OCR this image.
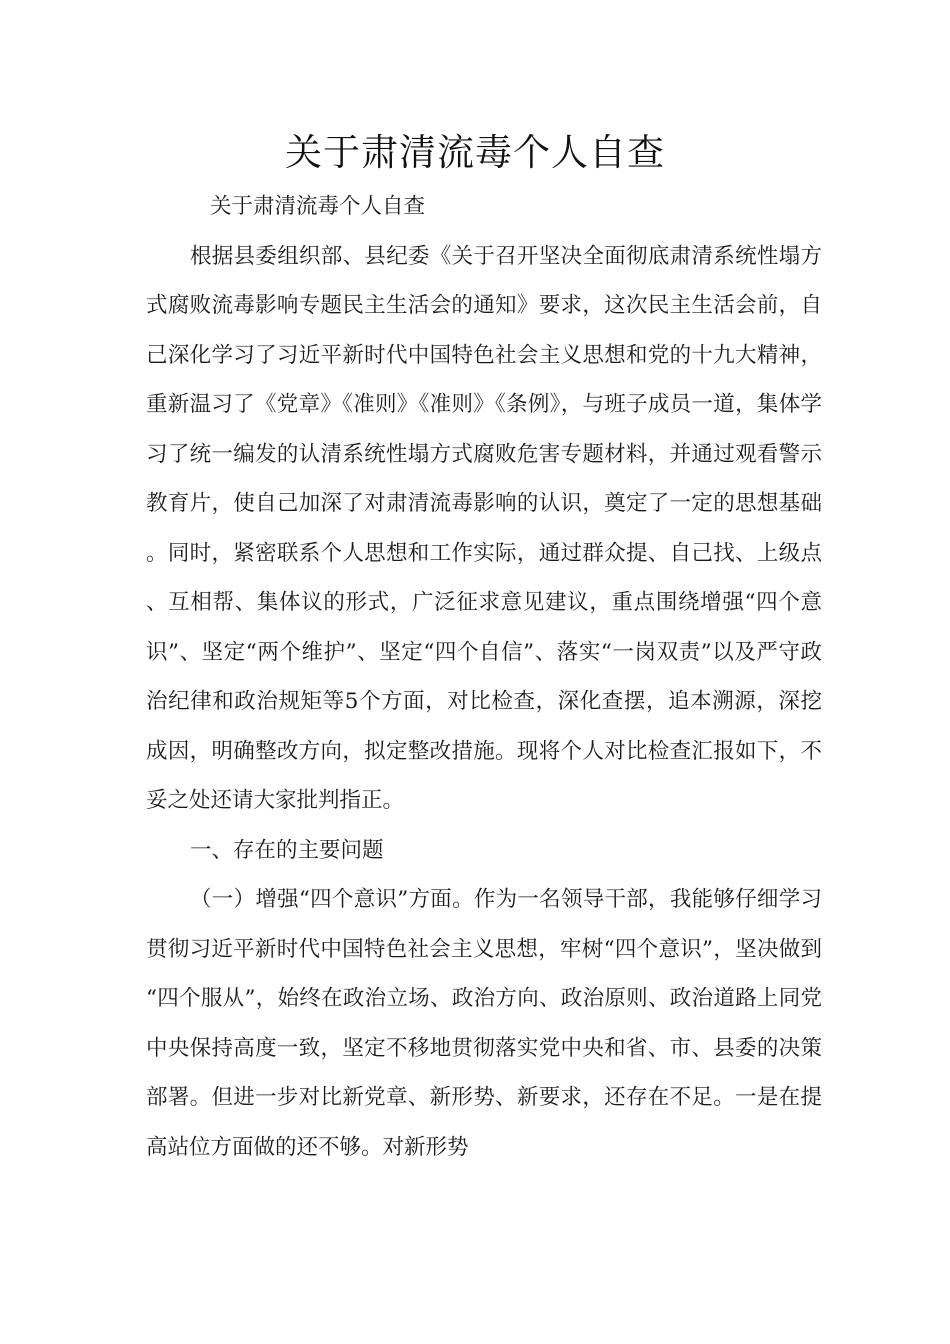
关于肃清流毒个人自查

关于肃清流毒个人自查

根据县委组织部、县纪委《关于召开坚决全面彻底肃清系统性塌方式腐败流毒影响专题民主生活会的通知》要求，这次民主生活会前，自己深化学习了习近平新时代中国特色社会主义思想和党的十九大精神，重新温习了《党章》《准则》《准则》《条例》，与班子成员一道，集体学习了统一编发的认清系统性塌方式腐败危害专题材料，并通过观看警示教育片，使自己加深了对肃清流毒影响的认识，奠定了一定的思想基础。同时，紧密联系个人思想和工作实际，通过群众提、自己找、上级点、互相帮、集体议的形式，广泛征求意见建议，重点围绕增强“四个意识”、坚定“两个维护”、坚定“四个自信”、落实“一岗双责”以及严守政治纪律和政治规矩等5个方面，对比检查，深化查摆，追本溯源，深挖成因，明确整改方向，拟定整改措施。现将个人对比检查汇报如下，不妥之处还请大家批判指正。

一、存在的主要问题

（一）增强“四个意识”方面。作为一名领导干部，我能够仔细学习贯彻习近平新时代中国特色社会主义思想，牢树“四个意识”，坚决做到“四个服从”，始终在政治立场、政治方向、政治原则、政治道路上同党中央保持高度一致，坚定不移地贯彻落实党中央和省、市、县委的决策部署。但进一步对比新党章、新形势、新要求，还存在不足。一是在提高站位方面做的还不够。对新形势
